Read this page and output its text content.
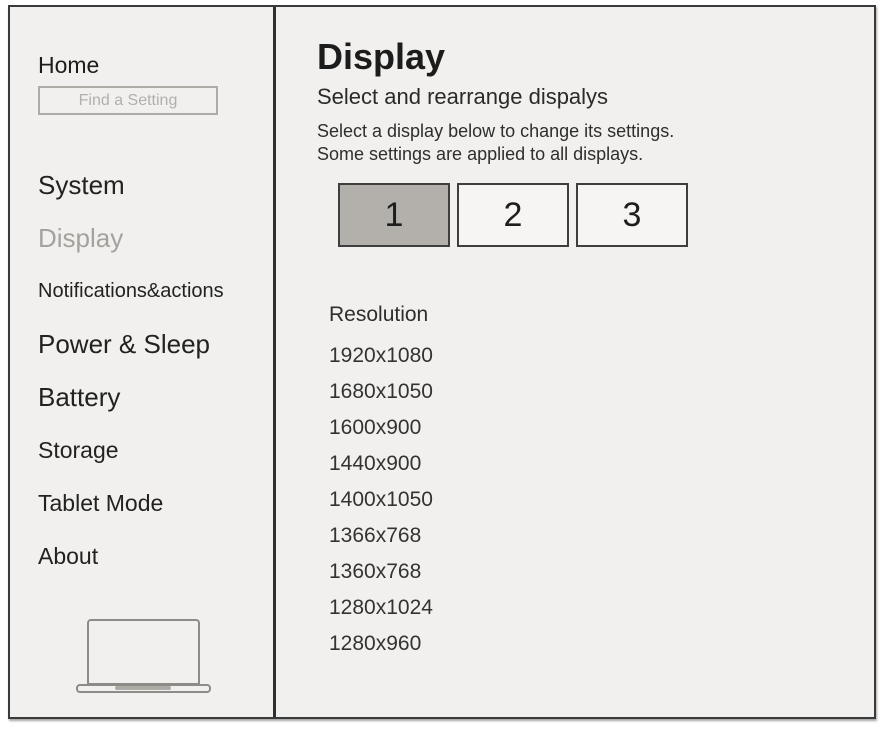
Home
Find a Setting
System
Display
Notifications&actions
Power & Sleep
Battery
Storage
Tablet Mode
About
Display
Select and rearrange dispalys
Select a display below to change its settings.
Some settings are applied to all displays.
1	2	3
Resolution
1920x1080
1680x1050
1600x900
1440x900
1400x1050
1366x768
1360x768
1280x1024
1280x960
